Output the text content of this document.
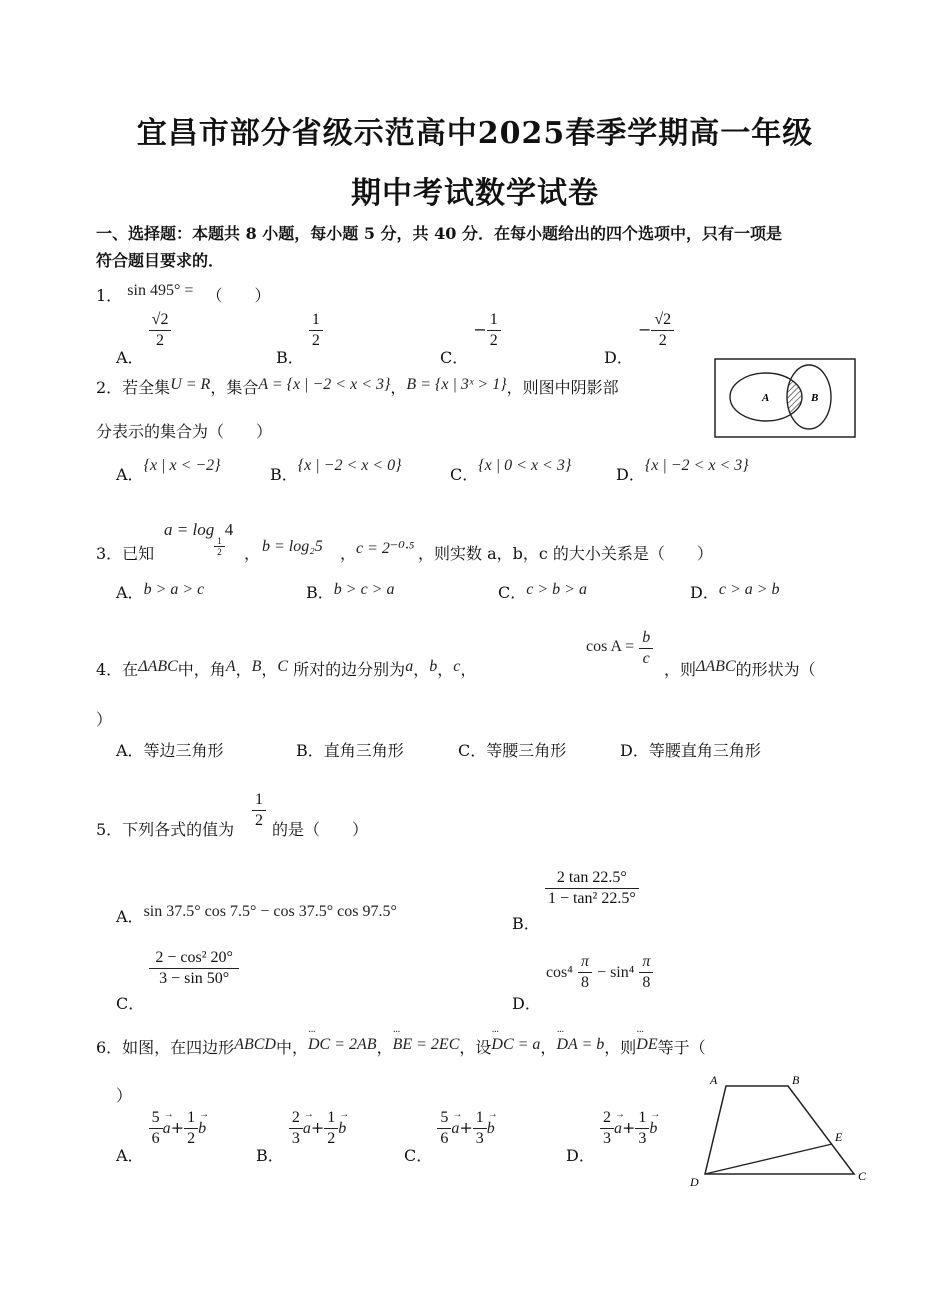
宜昌市部分省级示范高中2025春季学期高一年级
期中考试数学试卷
一、选择题：本题共 8 小题，每小题 5 分，共 40 分．在每小题给出的四个选项中，只有一项是
符合题目要求的．
1． sin 495° = （　　）
A．
$\frac{√2}{2}$
B．
$\frac{1}{2}$
C． − $\frac{1}{2}$
D． − $\frac{√2}{2}$
2．若全集U = R，集合A = {x | −2 < x < 3}，B = {x | 3ˣ > 1}，则图中阴影部
分表示的集合为（　　）
A．{x | x < −2}	B．{x | −2 < x < 0}	C．{x | 0 < x < 3}	D．{x | −2 < x < 3}
A	B
3．已知
a = log
$_{\frac{1}{2}}$
4
， b = log₂5 ， c = 2⁻⁰·⁵ ，则实数 a，b，c 的大小关系是（　　）
A．b > a > c	B．b > c > a	C．c > b > a	D．c > a > b
4．在ΔABC中，角A，B，C 所对的边分别为a，b，c，
$\cos A = \frac{b}{c}$
，则ΔABC的形状为（
）
A．等边三角形	B．直角三角形	C．等腰三角形	D．等腰直角三角形
5．下列各式的值为 $\frac{1}{2}$ 的是（　　）
A．sin 37.5° cos 7.5° − cos 37.5° cos 97.5°
B．
$\frac{2 \tan 22.5^\circ}{\text{1 − tan² 22.5°}}$
C．
$\frac{\text{2 − cos² 20°}}{3 - \sin 50^\circ}$
D． $\cos^4 \frac{\pi}{8} - \sin^4 \frac{\pi}{8}$
6．如图，在四边形ABCD中，··· DC = 2AB，··· BE = 2EC，设··· DC = a，··· DA = b，则··· DE等于（
）
A．
$\frac{5}{6}$
→ $a+ \frac{1}{2}$
→ b
B．
$\frac{2}{3}$
→ $a+ \frac{1}{2}$
→ b
C．
$\frac{5}{6}$
→ $a+ \frac{1}{3}$
→ b
D．
$\frac{2}{3}$
→ $a+ \frac{1}{3}$
→ b
A	B
C
D
E
